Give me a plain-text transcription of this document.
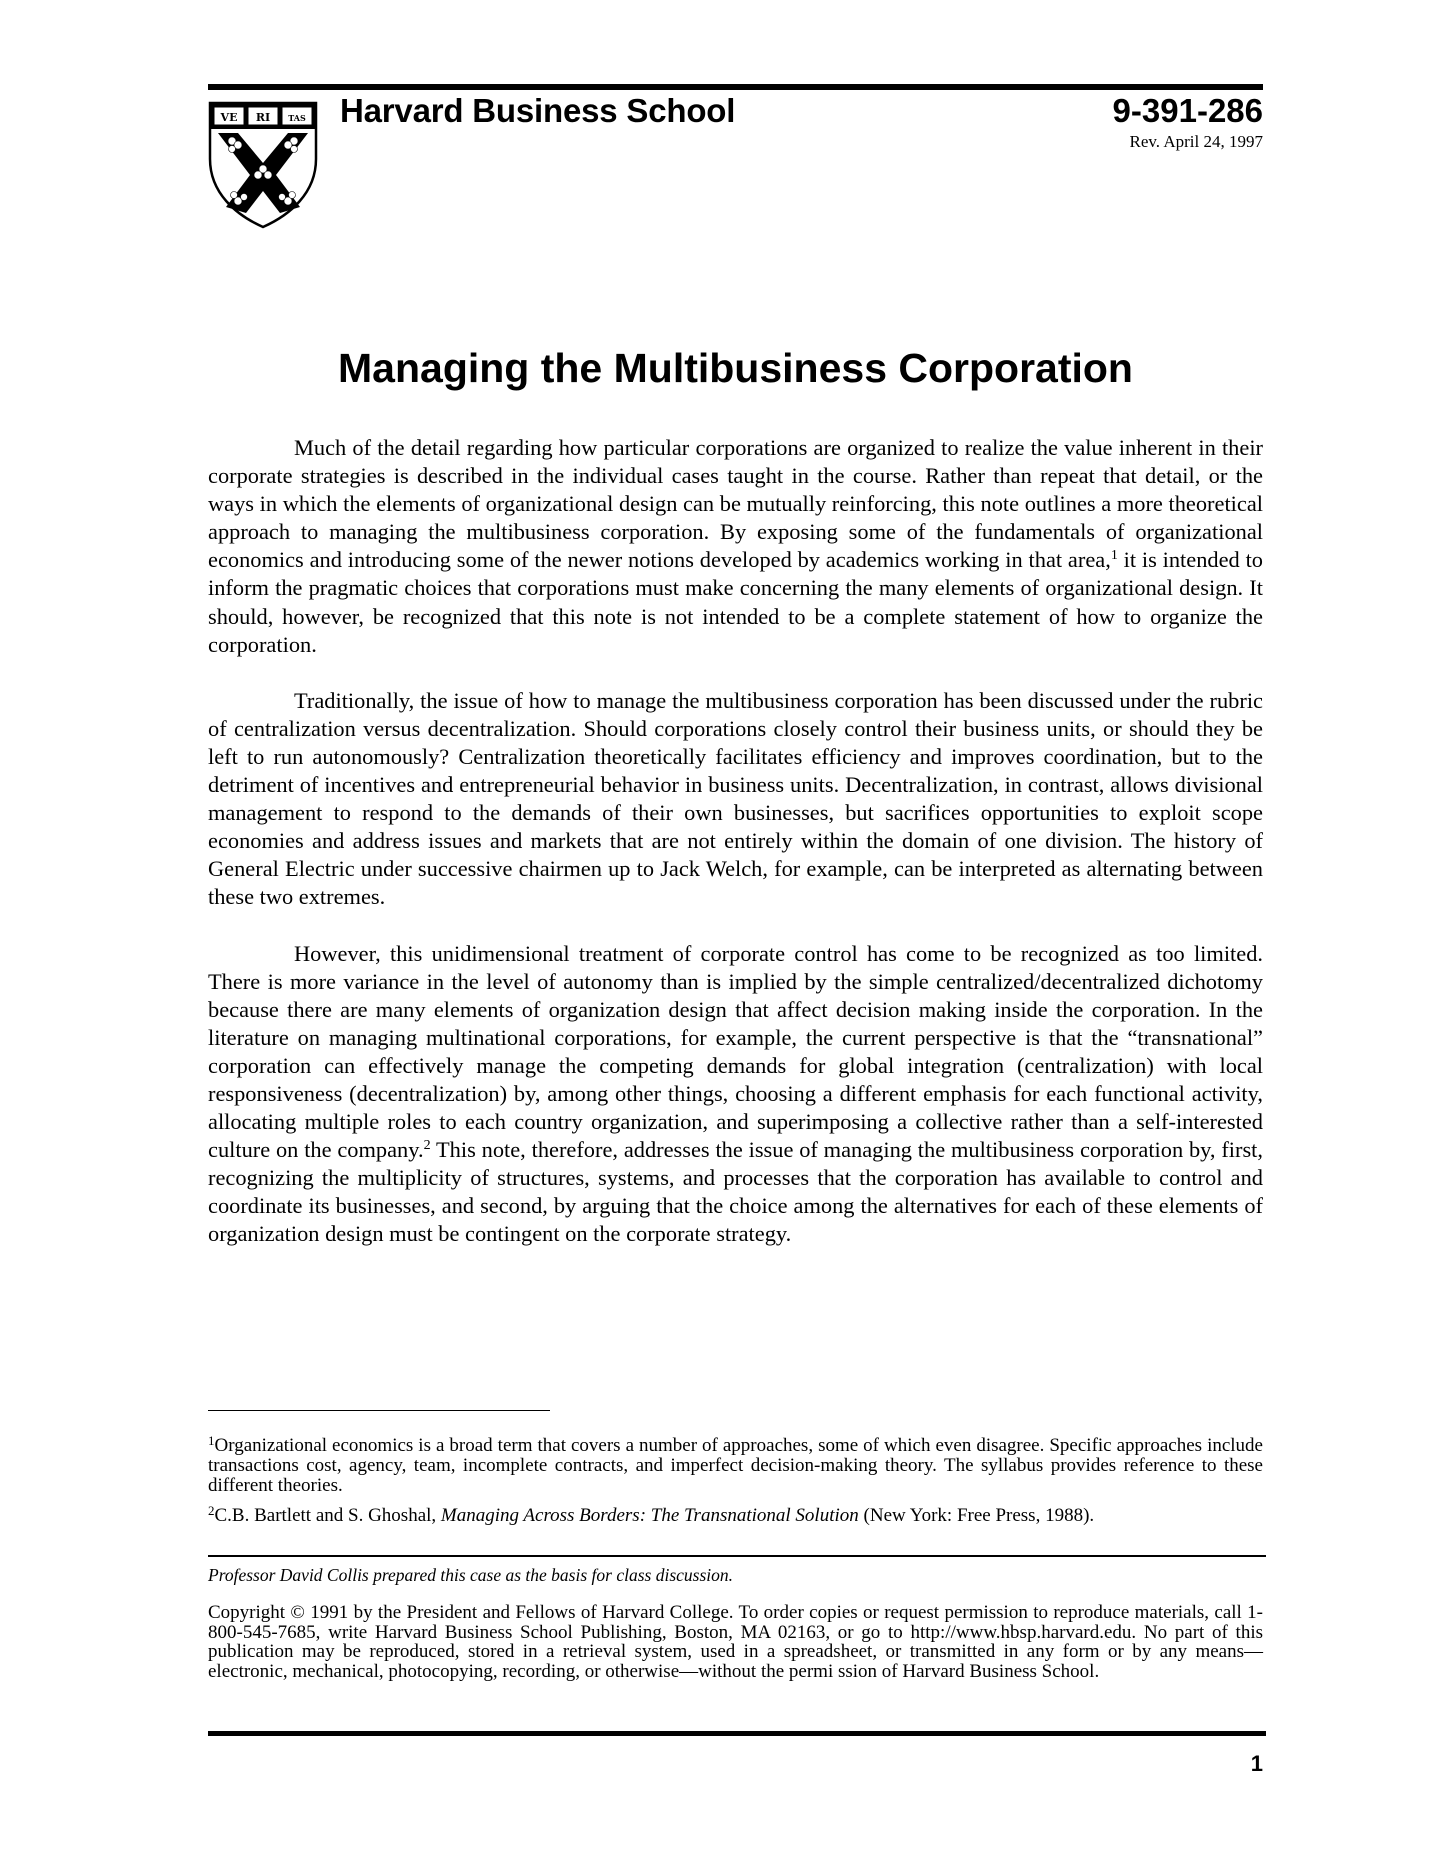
VE RI TAS Harvard Business School	9-391-286
Rev. April 24, 1997
Managing the Multibusiness Corporation

Much of the detail regarding how particular corporations are organized to realize the value inherent in their corporate strategies is described in the individual cases taught in the course. Rather than repeat that detail, or the ways in which the elements of organizational design can be mutually reinforcing, this note outlines a more theoretical approach to managing the multibusiness corporation. By exposing some of the fundamentals of organizational economics and introducing some of the newer notions developed by academics working in that area,$^1$ it is intended to inform the pragmatic choices that corporations must make concerning the many elements of organizational design. It should, however, be recognized that this note is not intended to be a complete statement of how to organize the corporation.

Traditionally, the issue of how to manage the multibusiness corporation has been discussed under the rubric of centralization versus decentralization. Should corporations closely control their business units, or should they be left to run autonomously? Centralization theoretically facilitates efficiency and improves coordination, but to the detriment of incentives and entrepreneurial behavior in business units. Decentralization, in contrast, allows divisional management to respond to the demands of their own businesses, but sacrifices opportunities to exploit scope economies and address issues and markets that are not entirely within the domain of one division. The history of General Electric under successive chairmen up to Jack Welch, for example, can be interpreted as alternating between these two extremes.

However, this unidimensional treatment of corporate control has come to be recognized as too limited. There is more variance in the level of autonomy than is implied by the simple centralized/decentralized dichotomy because there are many elements of organization design that affect decision making inside the corporation. In the literature on managing multinational corporations, for example, the current perspective is that the “transnational” corporation can effectively manage the competing demands for global integration (centralization) with local responsiveness (decentralization) by, among other things, choosing a different emphasis for each functional activity, allocating multiple roles to each country organization, and superimposing a collective rather than a self-interested culture on the company.$^2$ This note, therefore, addresses the issue of managing the multibusiness corporation by, first, recognizing the multiplicity of structures, systems, and processes that the corporation has available to control and coordinate its businesses, and second, by arguing that the choice among the alternatives for each of these elements of organization design must be contingent on the corporate strategy.

$^1$Organizational economics is a broad term that covers a number of approaches, some of which even disagree. Specific approaches include transactions cost, agency, team, incomplete contracts, and imperfect decision-making theory. The syllabus provides reference to these different theories.

$^2$C.B. Bartlett and S. Ghoshal, Managing Across Borders: The Transnational Solution (New York: Free Press, 1988).

Professor David Collis prepared this case as the basis for class discussion.
Copyright © 1991 by the President and Fellows of Harvard College. To order copies or request permission to reproduce materials, call 1-800-545-7685, write Harvard Business School Publishing, Boston, MA 02163, or go to http://www.hbsp.harvard.edu. No part of this publication may be reproduced, stored in a retrieval system, used in a spreadsheet, or transmitted in any form or by any means—electronic, mechanical, photocopying, recording, or otherwise—without the permi ssion of Harvard Business School.
1
